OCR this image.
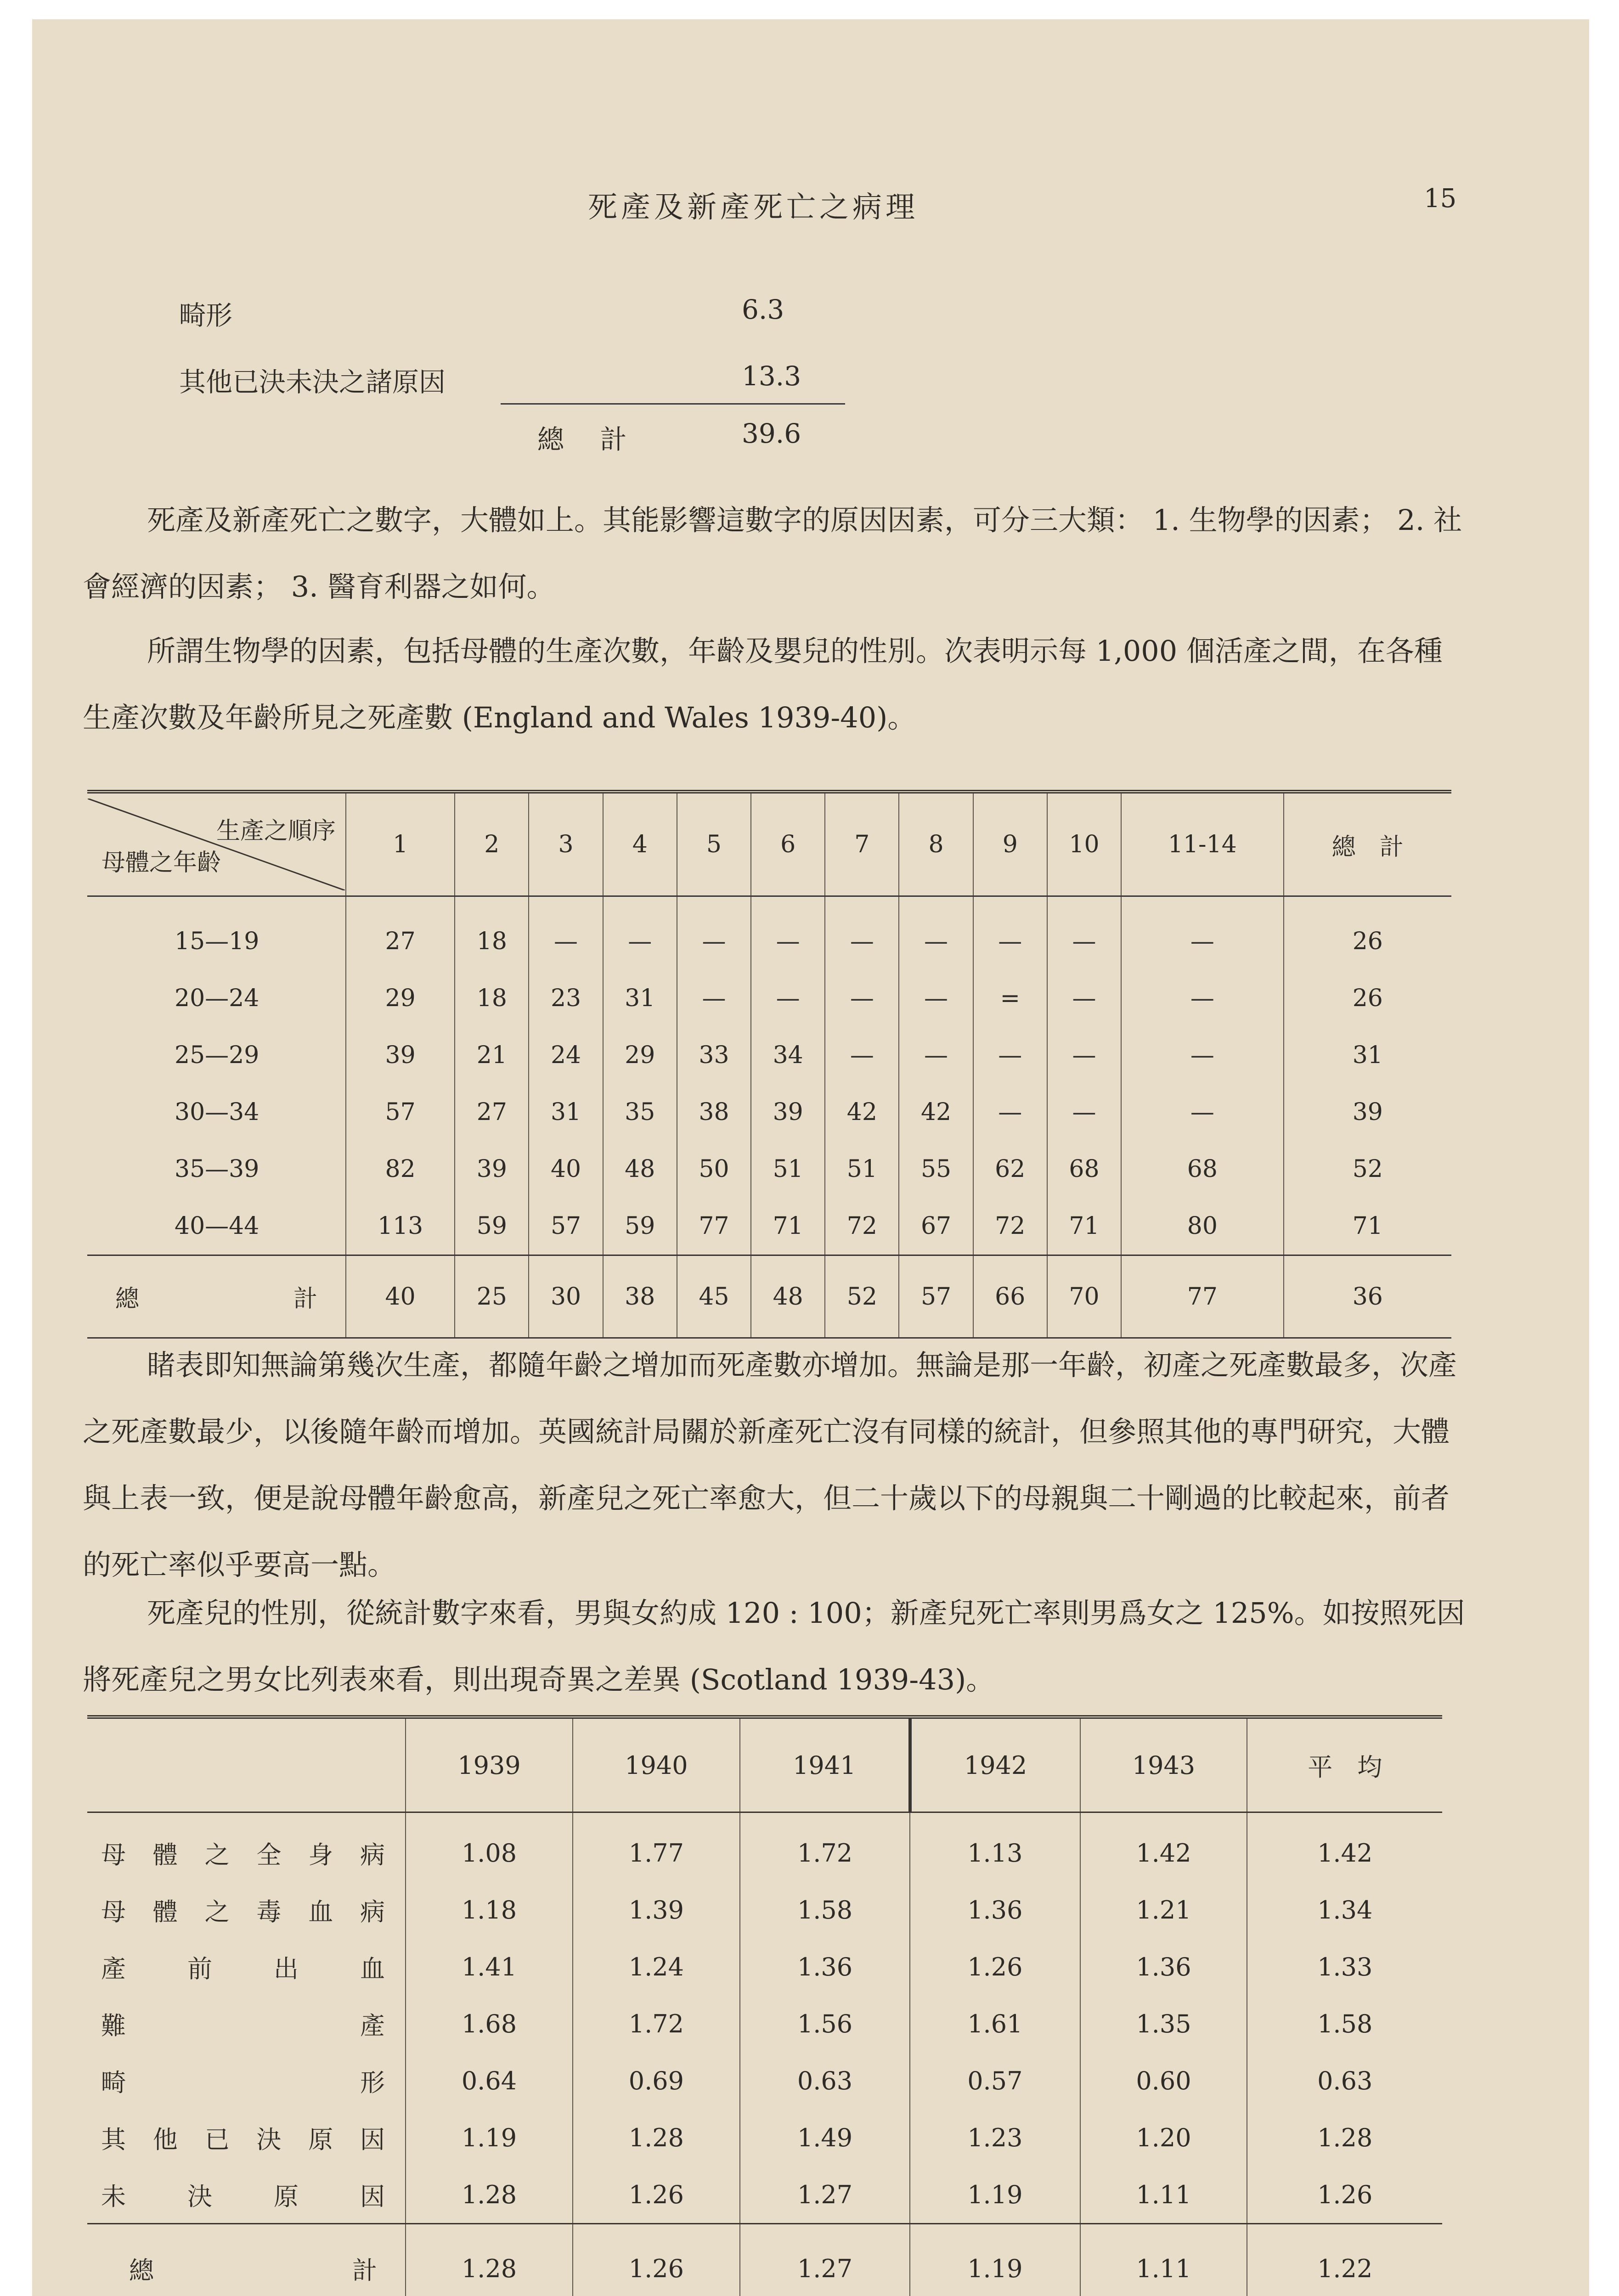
死產及新產死亡之病理	15
畸形	6.3
其他已決未決之諸原因	13.3
總 計	39.6

死產及新產死亡之數字，大體如上。其能影響這數字的原因因素，可分三大類： 1. 生物學的因素； 2. 社會經濟的因素； 3. 醫育利器之如何。

所謂生物學的因素，包括母體的生產次數，年齡及嬰兒的性別。次表明示每 1,000 個活產之間，在各種生產次數及年齡所見之死產數 (England and Wales 1939-40)。

生產之順序
母體之年齡	1	2	3	4	5	6	7	8	9	10	11-14	總　計
15—19	27	18	—	—	—	—	—	—	—	—	—	26
20—24	29	18	23	31	—	—	—	—	=	—	—	26
25—29	39	21	24	29	33	34	—	—	—	—	—	31
30—34	57	27	31	35	38	39	42	42	—	—	—	39
35—39	82	39	40	48	50	51	51	55	62	68	68	52
40—44	113	59	57	59	77	71	72	67	72	71	80	71

總 計	40	25	30	38	45	48	52	57	66	70	77	36

睹表即知無論第幾次生產，都隨年齡之增加而死產數亦增加。無論是那一年齡，初產之死產數最多，次產之死產數最少，以後隨年齡而增加。英國統計局關於新產死亡沒有同樣的統計，但參照其他的專門研究，大體與上表一致，便是說母體年齡愈高，新產兒之死亡率愈大，但二十歲以下的母親與二十剛過的比較起來，前者的死亡率似乎要高一點。

死產兒的性別，從統計數字來看，男與女約成 120 : 100；新產兒死亡率則男爲女之 125%。如按照死因將死產兒之男女比列表來看，則出現奇異之差異 (Scotland 1939-43)。

	1939	1940	1941	1942	1943	平　均
母體之全身病	1.08	1.77	1.72	1.13	1.42	1.42
母體之毒血病	1.18	1.39	1.58	1.36	1.21	1.34
產前出血	1.41	1.24	1.36	1.26	1.36	1.33
難產	1.68	1.72	1.56	1.61	1.35	1.58
畸形	0.64	0.69	0.63	0.57	0.60	0.63
其他已決原因	1.19	1.28	1.49	1.23	1.20	1.28
未決原因	1.28	1.26	1.27	1.19	1.11	1.26

總 計	1.28	1.26	1.27	1.19	1.11	1.22
